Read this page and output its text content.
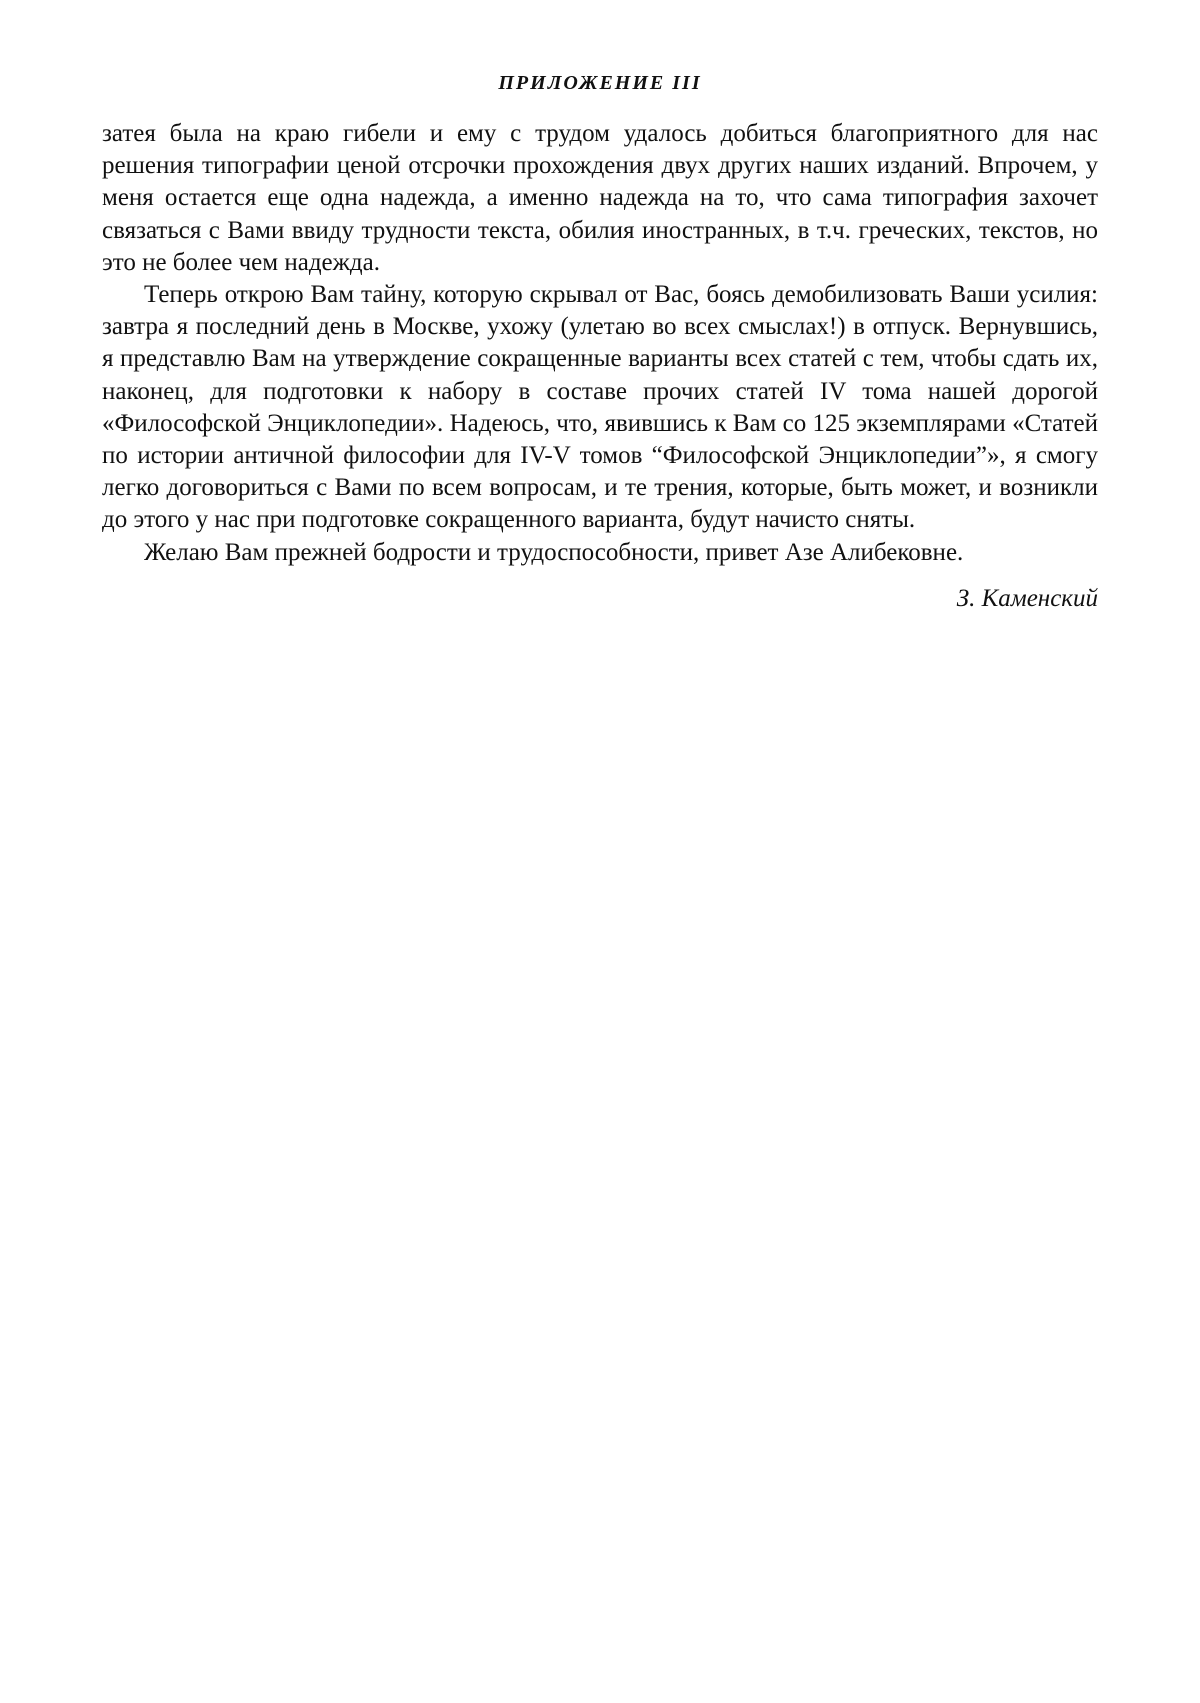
ПРИЛОЖЕНИЕ III

затея была на краю гибели и ему с трудом удалось добиться благоприятного для нас решения типографии ценой отсрочки прохождения двух других наших изданий. Впрочем, у меня остается еще одна надежда, а именно надежда на то, что сама типография захочет связаться с Вами ввиду трудности текста, обилия иностранных, в т.ч. греческих, текстов, но это не более чем надежда.

Теперь открою Вам тайну, которую скрывал от Вас, боясь демобилизовать Ваши усилия: завтра я последний день в Москве, ухожу (улетаю во всех смыслах!) в отпуск. Вернувшись, я представлю Вам на утверждение сокращенные варианты всех статей с тем, чтобы сдать их, наконец, для подготовки к набору в составе прочих статей IV тома нашей дорогой «Философской Энциклопедии». Надеюсь, что, явившись к Вам со 125 экземплярами «Статей по истории античной философии для IV-V томов “Философской Энциклопедии”», я смогу легко договориться с Вами по всем вопросам, и те трения, которые, быть может, и возникли до этого у нас при подготовке сокращенного варианта, будут начисто сняты.

Желаю Вам прежней бодрости и трудоспособности, привет Азе Алибековне.

З. Каменский
